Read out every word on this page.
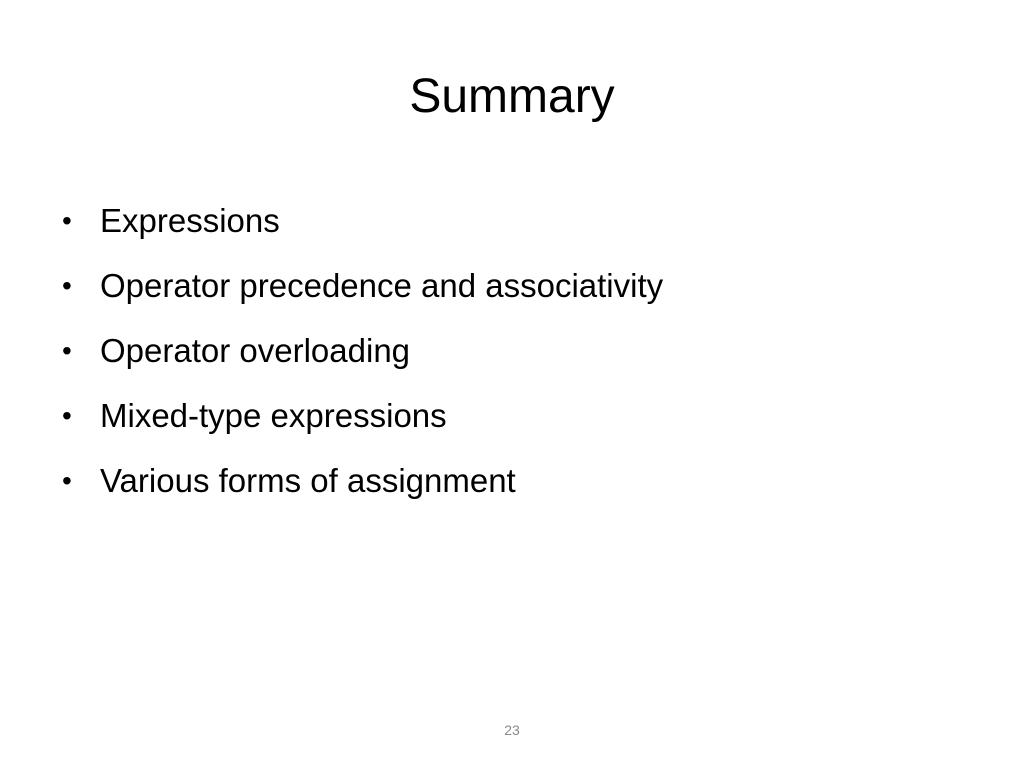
Summary
• Expressions
• Operator precedence and associativity
• Operator overloading
• Mixed-type expressions
• Various forms of assignment
23
